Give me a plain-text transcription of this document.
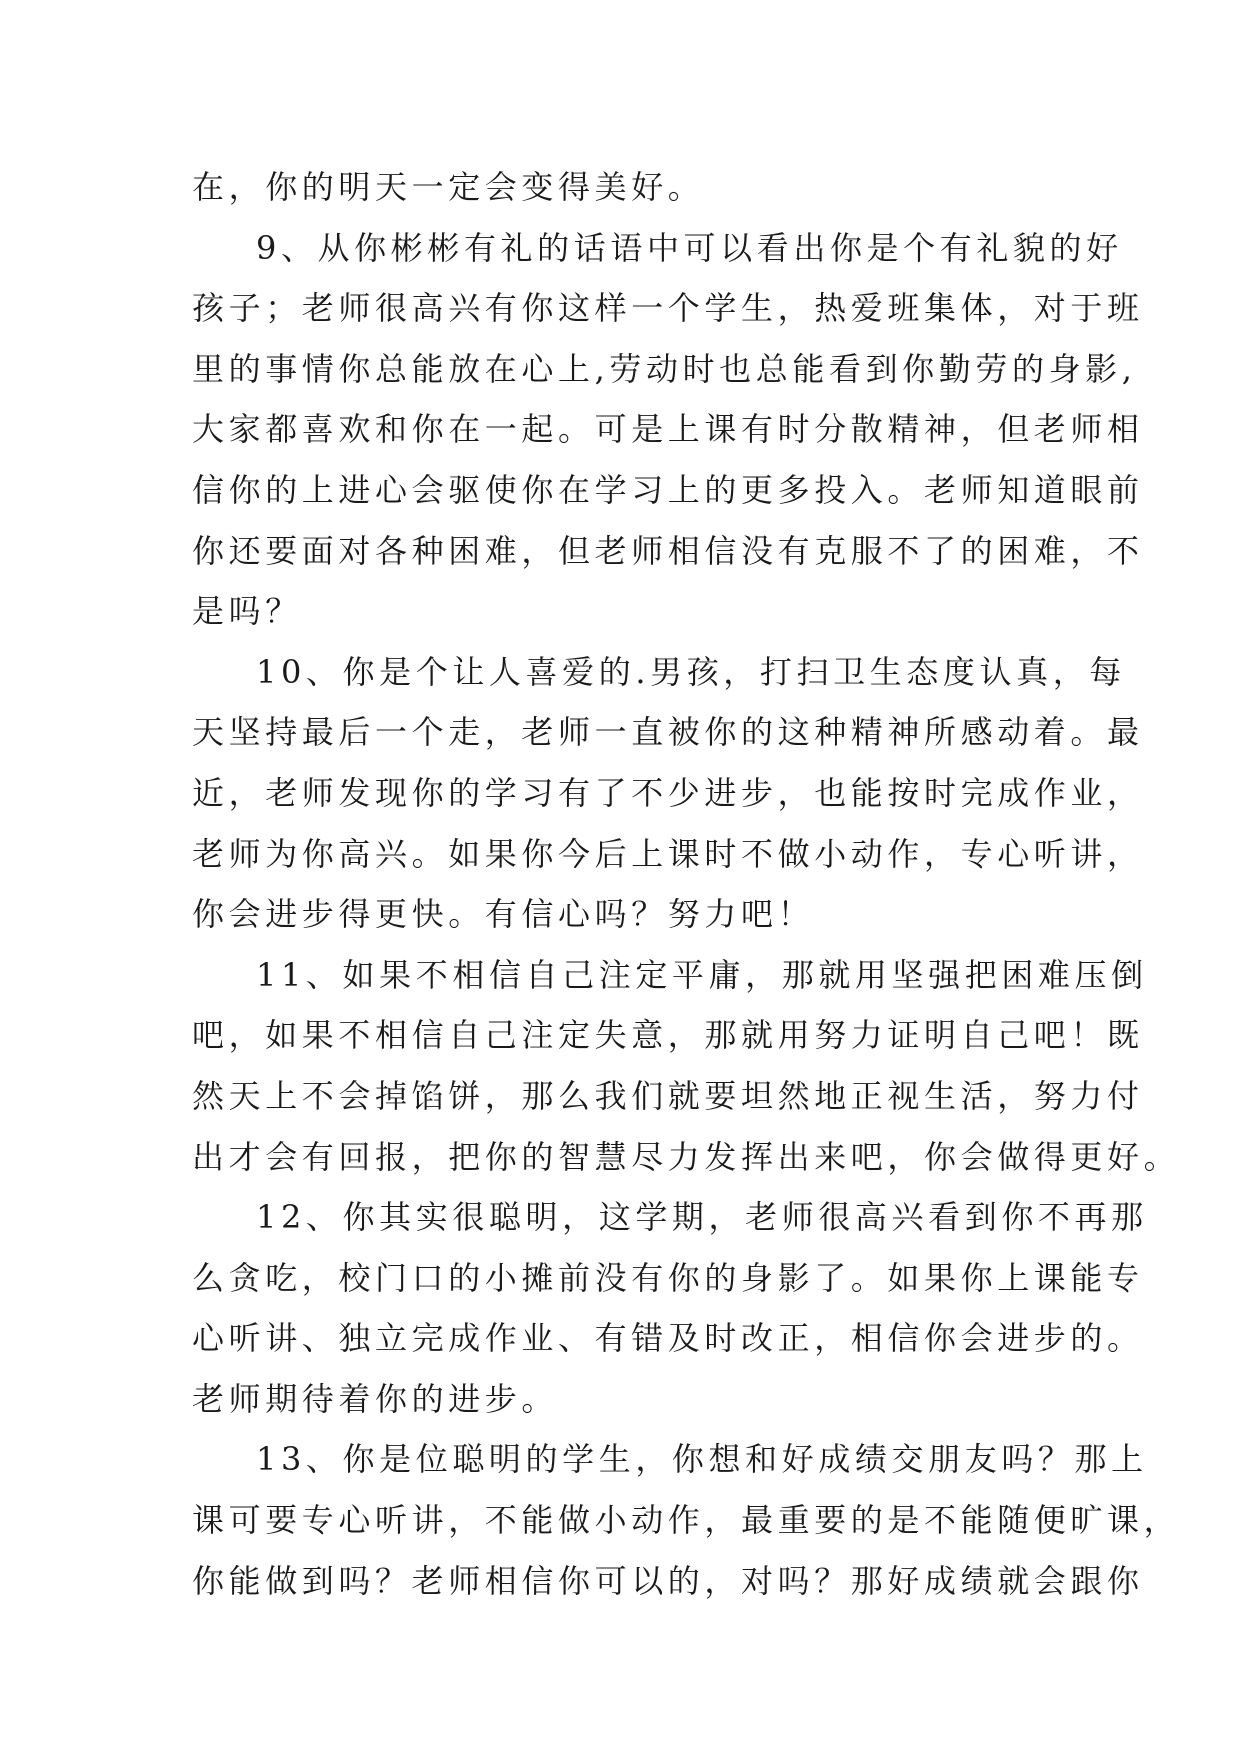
在，你的明天一定会变得美好。

9、从你彬彬有礼的话语中可以看出你是个有礼貌的好
孩子；老师很高兴有你这样一个学生，热爱班集体，对于班
里的事情你总能放在心上,劳动时也总能看到你勤劳的身影,
大家都喜欢和你在一起。可是上课有时分散精神，但老师相
信你的上进心会驱使你在学习上的更多投入。老师知道眼前
你还要面对各种困难，但老师相信没有克服不了的困难，不
是吗？

10、你是个让人喜爱的.男孩，打扫卫生态度认真，每
天坚持最后一个走，老师一直被你的这种精神所感动着。最
近，老师发现你的学习有了不少进步，也能按时完成作业，
老师为你高兴。如果你今后上课时不做小动作，专心听讲，
你会进步得更快。有信心吗？努力吧！

11、如果不相信自己注定平庸，那就用坚强把困难压倒
吧，如果不相信自己注定失意，那就用努力证明自己吧！既
然天上不会掉馅饼，那么我们就要坦然地正视生活，努力付
出才会有回报，把你的智慧尽力发挥出来吧，你会做得更好。

12、你其实很聪明，这学期，老师很高兴看到你不再那
么贪吃，校门口的小摊前没有你的身影了。如果你上课能专
心听讲、独立完成作业、有错及时改正，相信你会进步的。
老师期待着你的进步。

13、你是位聪明的学生，你想和好成绩交朋友吗？那上
课可要专心听讲，不能做小动作，最重要的是不能随便旷课，
你能做到吗？老师相信你可以的，对吗？那好成绩就会跟你
